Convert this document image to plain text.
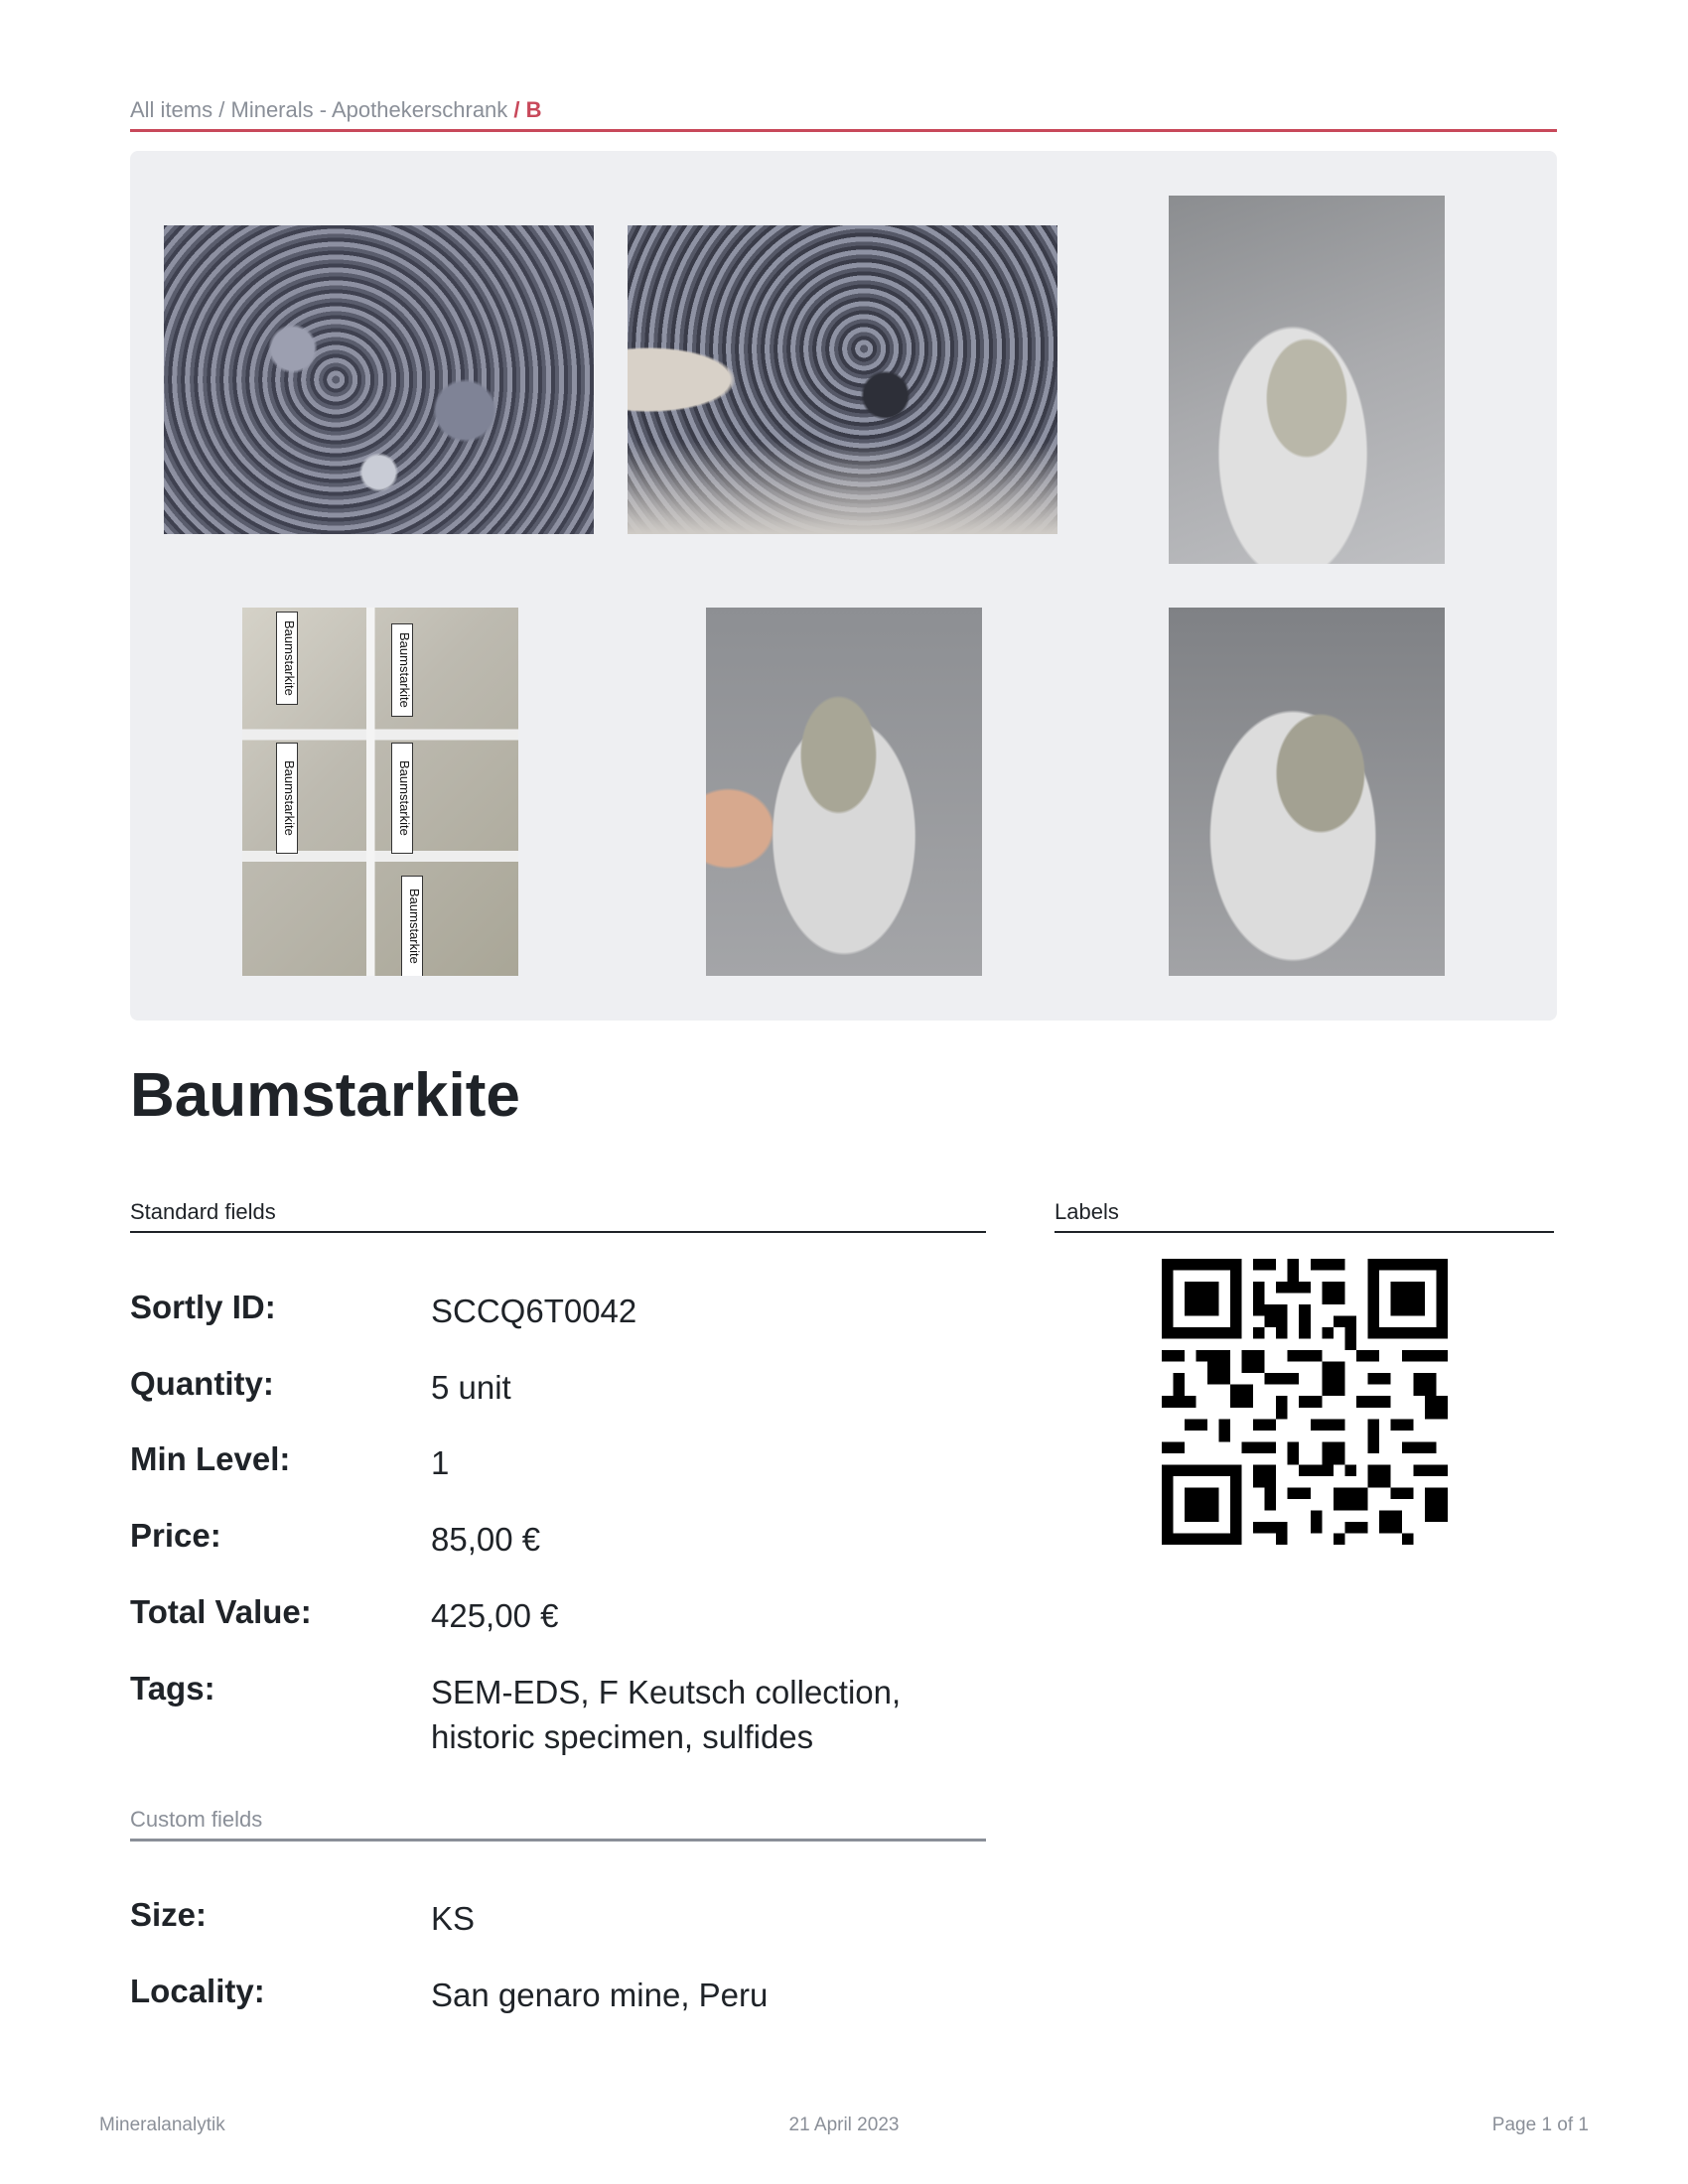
All items / Minerals - Apothekerschrank / B
Baumstarkite	Baumstarkite
Baumstarkite	Baumstarkite
Baumstarkite
Baumstarkite
Standard fields	Labels
Sortly ID:	SCCQ6T0042
Quantity:	5 unit
Min Level:	1
Price:	85,00 €
Total Value:	425,00 €
Tags:	SEM-EDS, F Keutsch collection, historic specimen, sulfides
Custom fields
Size:	KS
Locality:	San genaro mine, Peru
21 April 2023
Mineralanalytik	Page 1 of 1
